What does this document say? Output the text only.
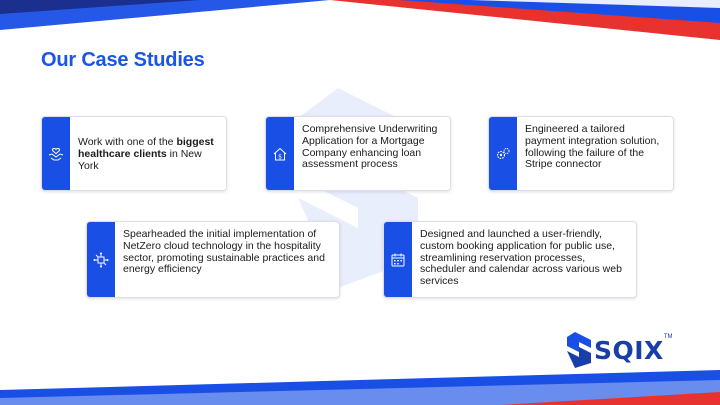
Our Case Studies
Work with one of the biggest healthcare clients in New York
$
Comprehensive Underwriting Application for a Mortgage Company enhancing loan assessment process
Engineered a tailored payment integration solution, following the failure of the Stripe connector
Spearheaded the initial implementation of NetZero cloud technology in the hospitality sector, promoting sustainable practices and energy efficiency
Designed and launched a user-friendly, custom booking application for public use, streamlining reservation processes, scheduler and calendar across various web services
SQIX TM
